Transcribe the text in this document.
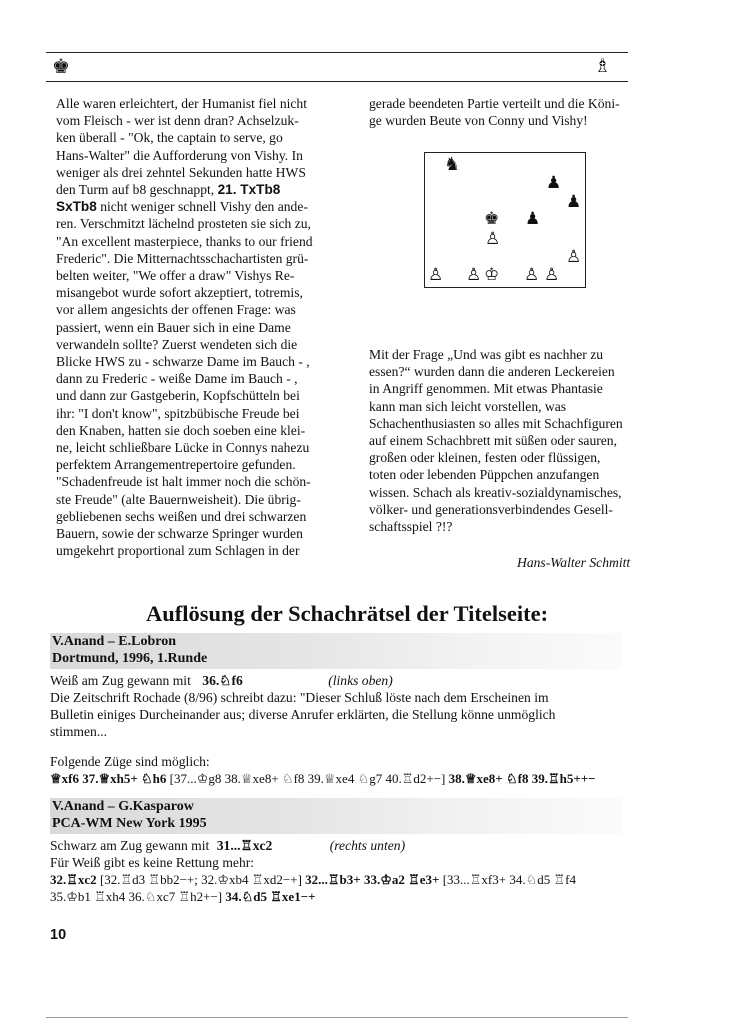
♚	♗
Alle waren erleichtert, der Humanist fiel nicht
vom Fleisch - wer ist denn dran? Achselzuk-
ken überall - "Ok, the captain to serve, go
Hans-Walter" die Aufforderung von Vishy. In
weniger als drei zehntel Sekunden hatte HWS
den Turm auf b8 geschnappt, 21. TxTb8
SxTb8 nicht weniger schnell Vishy den ande-
ren. Verschmitzt lächelnd prosteten sie sich zu,
"An excellent masterpiece, thanks to our friend
Frederic". Die Mitternachtsschachartisten grü-
belten weiter, "We offer a draw" Vishys Re-
misangebot wurde sofort akzeptiert, totremis,
vor allem angesichts der offenen Frage: was
passiert, wenn ein Bauer sich in eine Dame
verwandeln sollte? Zuerst wendeten sich die
Blicke HWS zu - schwarze Dame im Bauch - ,
dann zu Frederic - weiße Dame im Bauch - ,
und dann zur Gastgeberin, Kopfschütteln bei
ihr: "I don't know", spitzbübische Freude bei
den Knaben, hatten sie doch soeben eine klei-
ne, leicht schließbare Lücke in Connys nahezu
perfektem Arrangementrepertoire gefunden.
"Schadenfreude ist halt immer noch die schön-
ste Freude" (alte Bauernweisheit). Die übrig-
gebliebenen sechs weißen und drei schwarzen
Bauern, sowie der schwarze Springer wurden
umgekehrt proportional zum Schlagen in der
gerade beendeten Partie verteilt und die Köni-
ge wurden Beute von Conny und Vishy!
♞
♟
♟
♚ ♟
♙
♙
♙ ♙ ♔ ♙ ♙
Mit der Frage „Und was gibt es nachher zu
essen?“ wurden dann die anderen Leckereien
in Angriff genommen. Mit etwas Phantasie
kann man sich leicht vorstellen, was
Schachenthusiasten so alles mit Schachfiguren
auf einem Schachbrett mit süßen oder sauren,
großen oder kleinen, festen oder flüssigen,
toten oder lebenden Püppchen anzufangen
wissen. Schach als kreativ-sozialdynamisches,
völker- und generationsverbindendes Gesell-
schaftsspiel ?!?
Hans-Walter Schmitt
Auflösung der Schachrätsel der Titelseite:
V.Anand – E.Lobron
Dortmund, 1996, 1.Runde
Weiß am Zug gewann mit 36.♘f6	(links oben)
Die Zeitschrift Rochade (8/96) schreibt dazu: "Dieser Schluß löste nach dem Erscheinen im
Bulletin einiges Durcheinander aus; diverse Anrufer erklärten, die Stellung könne unmöglich
stimmen...
Folgende Züge sind möglich:
♕xf6 37.♕xh5+ ♘h6 [37...♔g8 38.♕xe8+ ♘f8 39.♕xe4 ♘g7 40.♖d2+−] 38.♕xe8+ ♘f8 39.♖h5++−
V.Anand – G.Kasparow
PCA-WM New York 1995
Schwarz am Zug gewann mit 31...♖xc2	(rechts unten)
Für Weiß gibt es keine Rettung mehr:
32.♖xc2 [32.♖d3 ♖bb2−+; 32.♔xb4 ♖xd2−+] 32...♖b3+ 33.♔a2 ♖e3+ [33...♖xf3+ 34.♘d5 ♖f4
35.♔b1 ♖xh4 36.♘xc7 ♖h2+−] 34.♘d5 ♖xe1−+
10
